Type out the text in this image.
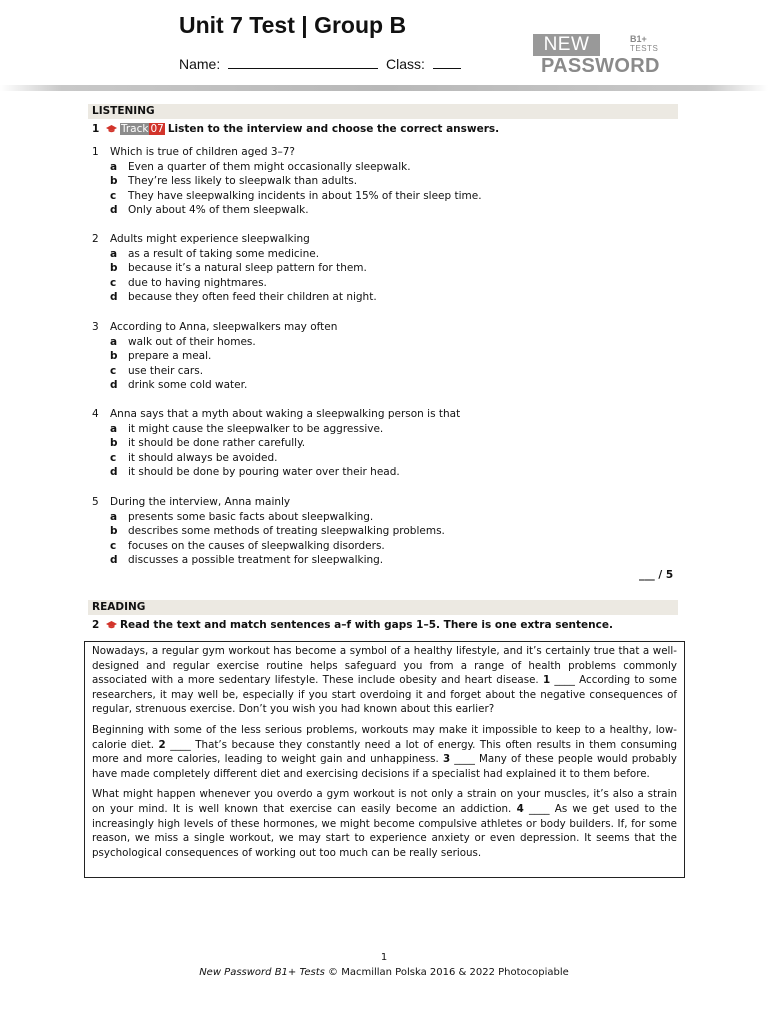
Unit 7 Test | Group B
Name:	Class:
NEW	B1+
TESTS
PASSWORD
LISTENING
1 Track 07 Listen to the interview and choose the correct answers.
1 Which is true of children aged 3–7?
a Even a quarter of them might occasionally sleepwalk.
b They’re less likely to sleepwalk than adults.
c They have sleepwalking incidents in about 15% of their sleep time.
d Only about 4% of them sleepwalk.
2 Adults might experience sleepwalking
a as a result of taking some medicine.
b because it’s a natural sleep pattern for them.
c due to having nightmares.
d because they often feed their children at night.
3 According to Anna, sleepwalkers may often
a walk out of their homes.
b prepare a meal.
c use their cars.
d drink some cold water.
4 Anna says that a myth about waking a sleepwalking person is that
a it might cause the sleepwalker to be aggressive.
b it should be done rather carefully.
c it should always be avoided.
d it should be done by pouring water over their head.
5 During the interview, Anna mainly
a presents some basic facts about sleepwalking.
b describes some methods of treating sleepwalking problems.
c focuses on the causes of sleepwalking disorders.
d discusses a possible treatment for sleepwalking.
___ / 5
READING
2 Read the text and match sentences a–f with gaps 1–5. There is one extra sentence.

Nowadays, a regular gym workout has become a symbol of a healthy lifestyle, and it’s certainly true that a well-designed and regular exercise routine helps safeguard you from a range of health problems commonly associated with a more sedentary lifestyle. These include obesity and heart disease. 1 ____ According to some researchers, it may well be, especially if you start overdoing it and forget about the negative consequences of regular, strenuous exercise. Don’t you wish you had known about this earlier?

Beginning with some of the less serious problems, workouts may make it impossible to keep to a healthy, low-calorie diet. 2 ____ That’s because they constantly need a lot of energy. This often results in them consuming more and more calories, leading to weight gain and unhappiness. 3 ____ Many of these people would probably have made completely different diet and exercising decisions if a specialist had explained it to them before.

What might happen whenever you overdo a gym workout is not only a strain on your muscles, it’s also a strain on your mind. It is well known that exercise can easily become an addiction. 4 ____ As we get used to the increasingly high levels of these hormones, we might become compulsive athletes or body builders. If, for some reason, we miss a single workout, we may start to experience anxiety or even depression. It seems that the psychological consequences of working out too much can be really serious.

1
New Password B1+ Tests © Macmillan Polska 2016 & 2022 Photocopiable
